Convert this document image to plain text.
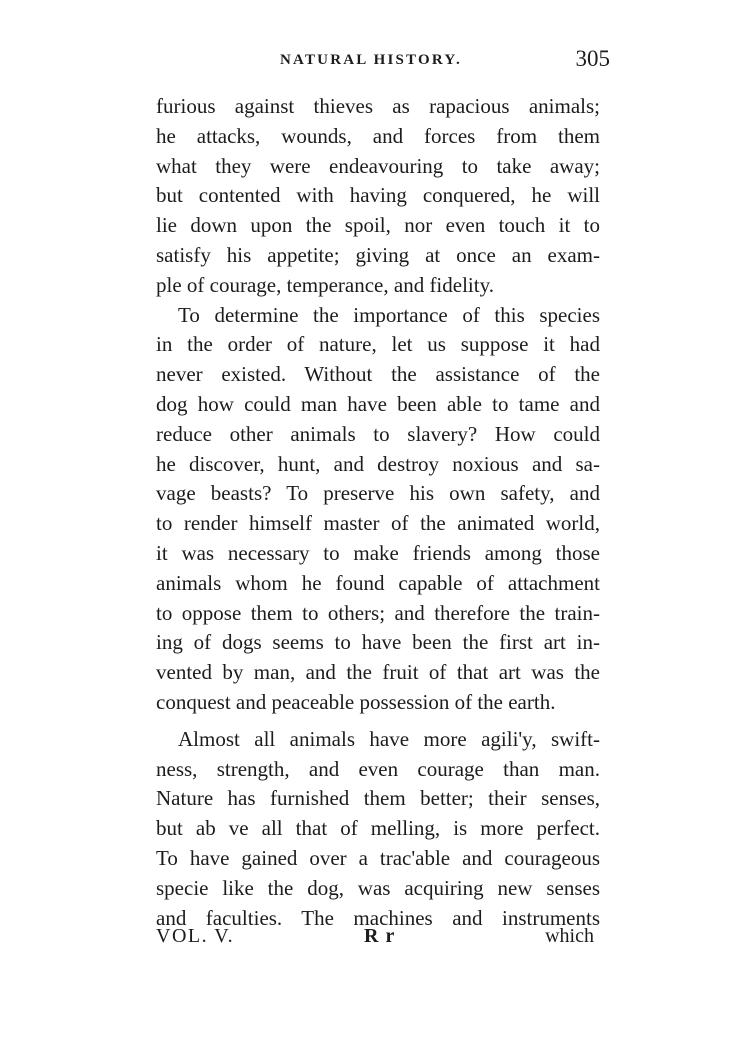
NATURAL HISTORY.	305
furious against thieves as rapacious animals;
he attacks, wounds, and forces from them
what they were endeavouring to take away;
but contented with having conquered, he will
lie down upon the spoil, nor even touch it to
satisfy his appetite; giving at once an exam-
ple of courage, temperance, and fidelity.
To determine the importance of this species
in the order of nature, let us suppose it had
never existed. Without the assistance of the
dog how could man have been able to tame and
reduce other animals to slavery? How could
he discover, hunt, and destroy noxious and sa-
vage beasts? To preserve his own safety, and
to render himself master of the animated world,
it was necessary to make friends among those
animals whom he found capable of attachment
to oppose them to others; and therefore the train-
ing of dogs seems to have been the first art in-
vented by man, and the fruit of that art was the
conquest and peaceable possession of the earth.
Almost all animals have more agili'y, swift-
ness, strength, and even courage than man.
Nature has furnished them better; their senses,
but ab ve all that of melling, is more perfect.
To have gained over a trac'able and courageous
specie like the dog, was acquiring new senses
and faculties. The machines and instruments
VOL. V.	R r	which
